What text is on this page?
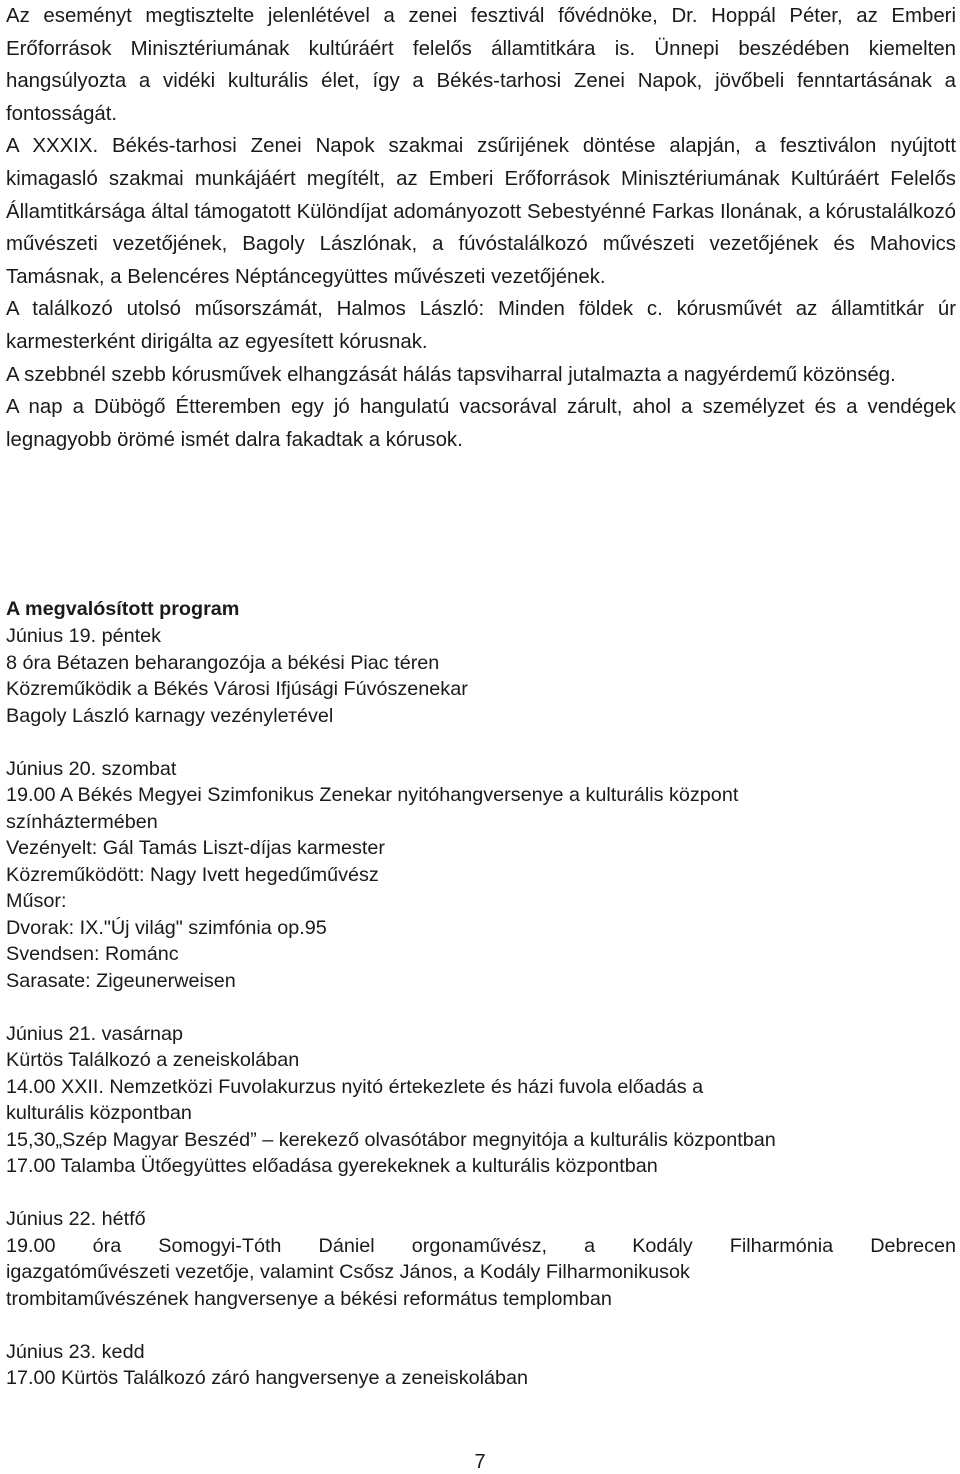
Az eseményt megtisztelte jelenlétével a zenei fesztivál fővédnöke, Dr. Hoppál Péter, az Emberi Erőforrások Minisztériumának kultúráért felelős államtitkára is. Ünnepi beszédében kiemelten hangsúlyozta a vidéki kulturális élet, így a Békés-tarhosi Zenei Napok, jövőbeli fenntartásának a fontosságát.

A XXXIX. Békés-tarhosi Zenei Napok szakmai zsűrijének döntése alapján, a fesztiválon nyújtott kimagasló szakmai munkájáért megítélt, az Emberi Erőforrások Minisztériumának Kultúráért Felelős Államtitkársága által támogatott Különdíjat adományozott Sebestyénné Farkas Ilonának, a kórustalálkozó művészeti vezetőjének, Bagoly Lászlónak, a fúvóstalálkozó művészeti vezetőjének és Mahovics Tamásnak, a Belencéres Néptáncegyüttes művészeti vezetőjének.

A találkozó utolsó műsorszámát, Halmos László: Minden földek c. kórusművét az államtitkár úr karmesterként dirigálta az egyesített kórusnak.

A szebbnél szebb kórusművek elhangzását hálás tapsviharral jutalmazta a nagyérdemű közönség.

A nap a Dübögő Étteremben egy jó hangulatú vacsorával zárult, ahol a személyzet és a vendégek legnagyobb örömé ismét dalra fakadtak a kórusok.

A megvalósított program

Június 19. péntek

8 óra Bétazen beharangozója a békési Piac téren

Közreműködik a Békés Városi Ifjúsági Fúvószenekar

Bagoly László karnagy vezénylетével

Június 20. szombat

19.00 A Békés Megyei Szimfonikus Zenekar nyitóhangversenye a kulturális központ

színháztermében

Vezényelt: Gál Tamás Liszt-díjas karmester

Közreműködött: Nagy Ivett hegedűművész

Műsor:

Dvorak: IX."Új világ" szimfónia op.95

Svendsen: Románc

Sarasate: Zigeunerweisen

Június 21. vasárnap

Kürtös Találkozó a zeneiskolában

14.00 XXII. Nemzetközi Fuvolakurzus nyitó értekezlete és házi fuvola előadás a

kulturális központban

15,30„Szép Magyar Beszéd” – kerekező olvasótábor megnyitója a kulturális központban

17.00 Talamba Ütőegyüttes előadása gyerekeknek a kulturális központban

Június 22. hétfő

19.00 óra Somogyi-Tóth Dániel orgonaművész, a Kodály Filharmónia Debrecen

igazgatóművészeti vezetője, valamint Csősz János, a Kodály Filharmonikusok

trombitaművészének hangversenye a békési református templomban

Június 23. kedd

17.00 Kürtös Találkozó záró hangversenye a zeneiskolában

7
